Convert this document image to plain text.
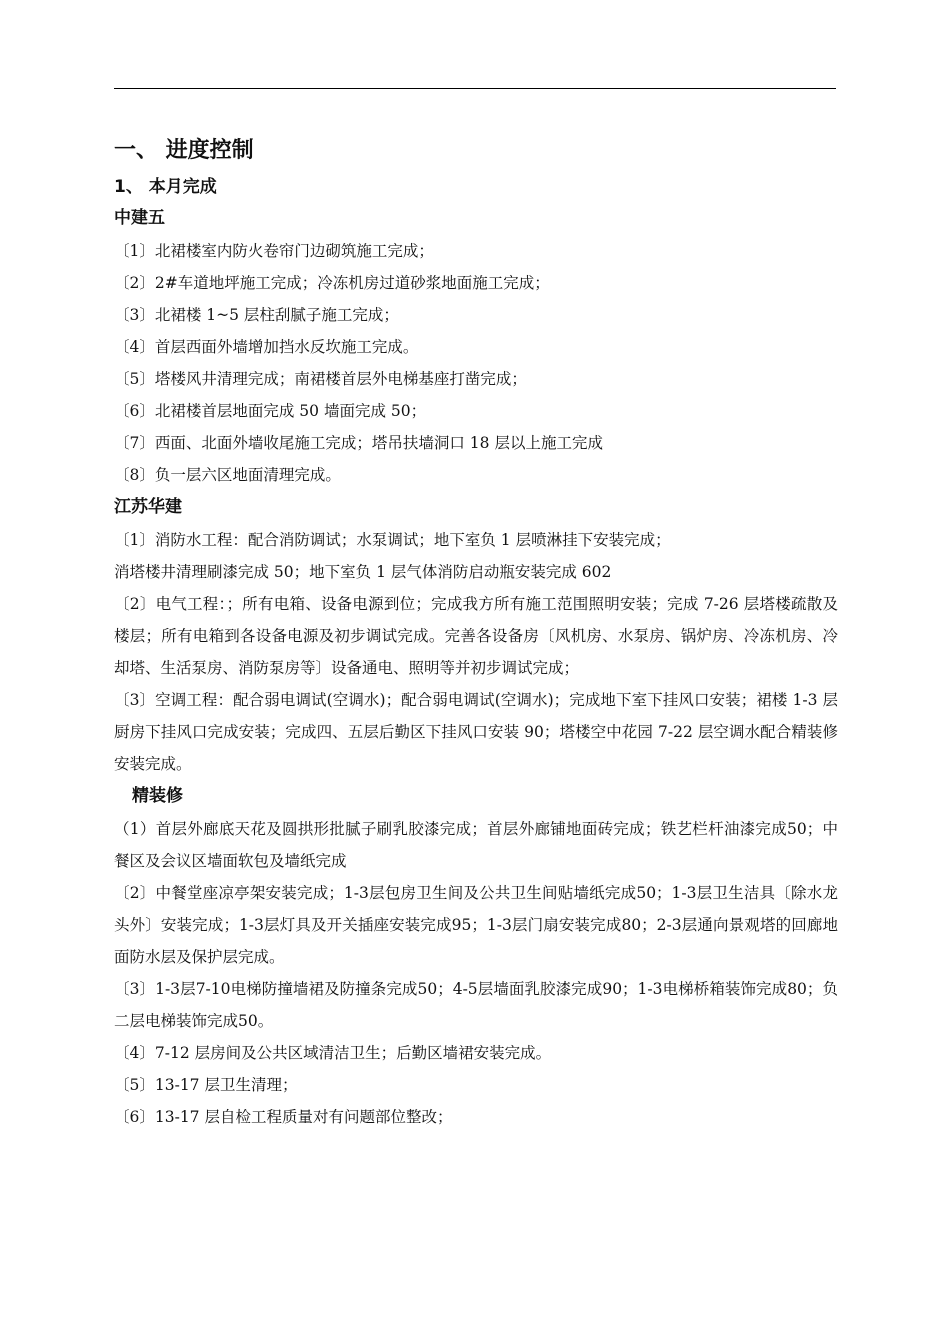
一、 进度控制
1、 本月完成
中建五
〔1〕北裙楼室内防火卷帘门边砌筑施工完成；
〔2〕2#车道地坪施工完成；冷冻机房过道砂浆地面施工完成；
〔3〕北裙楼 1~5 层柱刮腻子施工完成；
〔4〕首层西面外墙增加挡水反坎施工完成。
〔5〕塔楼风井清理完成；南裙楼首层外电梯基座打凿完成；
〔6〕北裙楼首层地面完成 50 墙面完成 50；
〔7〕西面、北面外墙收尾施工完成；塔吊扶墙洞口 18 层以上施工完成
〔8〕负一层六区地面清理完成。
江苏华建
〔1〕消防水工程：配合消防调试；水泵调试；地下室负 1 层喷淋挂下安装完成；
消塔楼井清理刷漆完成 50；地下室负 1 层气体消防启动瓶安装完成 602
〔2〕电气工程：；所有电箱、设备电源到位；完成我方所有施工范围照明安装；完成 7-26 层塔楼疏散及楼层；所有电箱到各设备电源及初步调试完成。完善各设备房〔风机房、水泵房、锅炉房、冷冻机房、冷却塔、生活泵房、消防泵房等〕设备通电、照明等并初步调试完成；
〔3〕空调工程：配合弱电调试(空调水)；配合弱电调试(空调水)；完成地下室下挂风口安装；裙楼 1-3 层厨房下挂风口完成安装；完成四、五层后勤区下挂风口安装 90；塔楼空中花园 7-22 层空调水配合精装修安装完成。
精装修
（1）首层外廊底天花及圆拱形批腻子刷乳胶漆完成；首层外廊铺地面砖完成；铁艺栏杆油漆完成50；中餐区及会议区墙面软包及墙纸完成
〔2〕中餐堂座凉亭架安装完成；1-3层包房卫生间及公共卫生间贴墙纸完成50；1-3层卫生洁具〔除水龙头外〕安装完成；1-3层灯具及开关插座安装完成95；1-3层门扇安装完成80；2-3层通向景观塔的回廊地面防水层及保护层完成。
〔3〕1-3层7-10电梯防撞墙裙及防撞条完成50；4-5层墙面乳胶漆完成90；1-3电梯桥箱装饰完成80；负二层电梯装饰完成50。
〔4〕7-12 层房间及公共区域清洁卫生；后勤区墙裙安装完成。
〔5〕13-17 层卫生清理；
〔6〕13-17 层自检工程质量对有问题部位整改；
